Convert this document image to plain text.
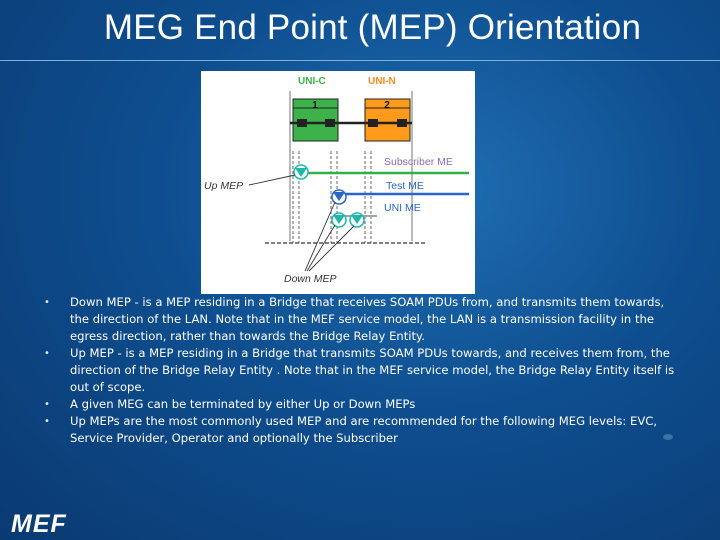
MEG End Point (MEP) Orientation
UNI-C	UNI-N
1	2
Subscriber ME
Test ME
UNI ME
Up MEP
Down MEP
• Down MEP - is a MEP residing in a Bridge that receives SOAM PDUs from, and transmits them towards, the direction of the LAN. Note that in the MEF service model, the LAN is a transmission facility in the egress direction, rather than towards the Bridge Relay Entity.
• Up MEP - is a MEP residing in a Bridge that transmits SOAM PDUs towards, and receives them from, the direction of the Bridge Relay Entity . Note that in the MEF service model, the Bridge Relay Entity itself is out of scope.
• A given MEG can be terminated by either Up or Down MEPs
• Up MEPs are the most commonly used MEP and are recommended for the following MEG levels: EVC, Service Provider, Operator and optionally the Subscriber
MEF
